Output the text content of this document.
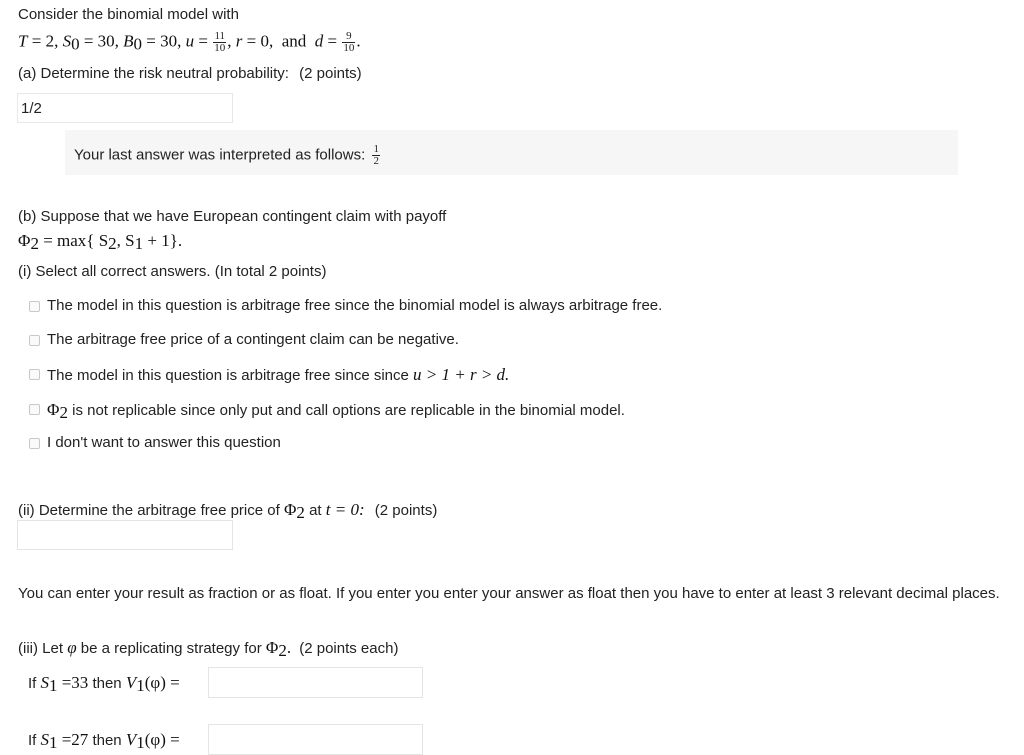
Consider the binomial model with
T = 2, $S_0 = 30$, $B_0 = 30$, $u = \frac{11}{10}$ , r = 0,  and $d = \frac{9}{10}$ .
(a) Determine the risk neutral probability: (2 points)
1/2
Your last answer was interpreted as follows: $\frac{1}{2}$
(b) Suppose that we have European contingent claim with payoff
$\Phi_2 = \max${ $S_2$, $S_1 + 1$}.
(i) Select all correct answers. (In total 2 points)
The model in this question is arbitrage free since the binomial model is always arbitrage free.
The arbitrage free price of a contingent claim can be negative.
The model in this question is arbitrage free since since u > 1 + r > d.
$\Phi_2$ is not replicable since only put and call options are replicable in the binomial model.
I don't want to answer this question
(ii) Determine the arbitrage free price of $\Phi_2$ at t = 0: (2 points)

You can enter your result as fraction or as float. If you enter you enter your answer as float then you have to enter at least 3 relevant decimal places.

(iii) Let φ be a replicating strategy for $\Phi_2$. (2 points each)
If $S_1 =33$ then $V_1(\varphi)$ =
If $S_1 =27$ then $V_1(\varphi)$ =
